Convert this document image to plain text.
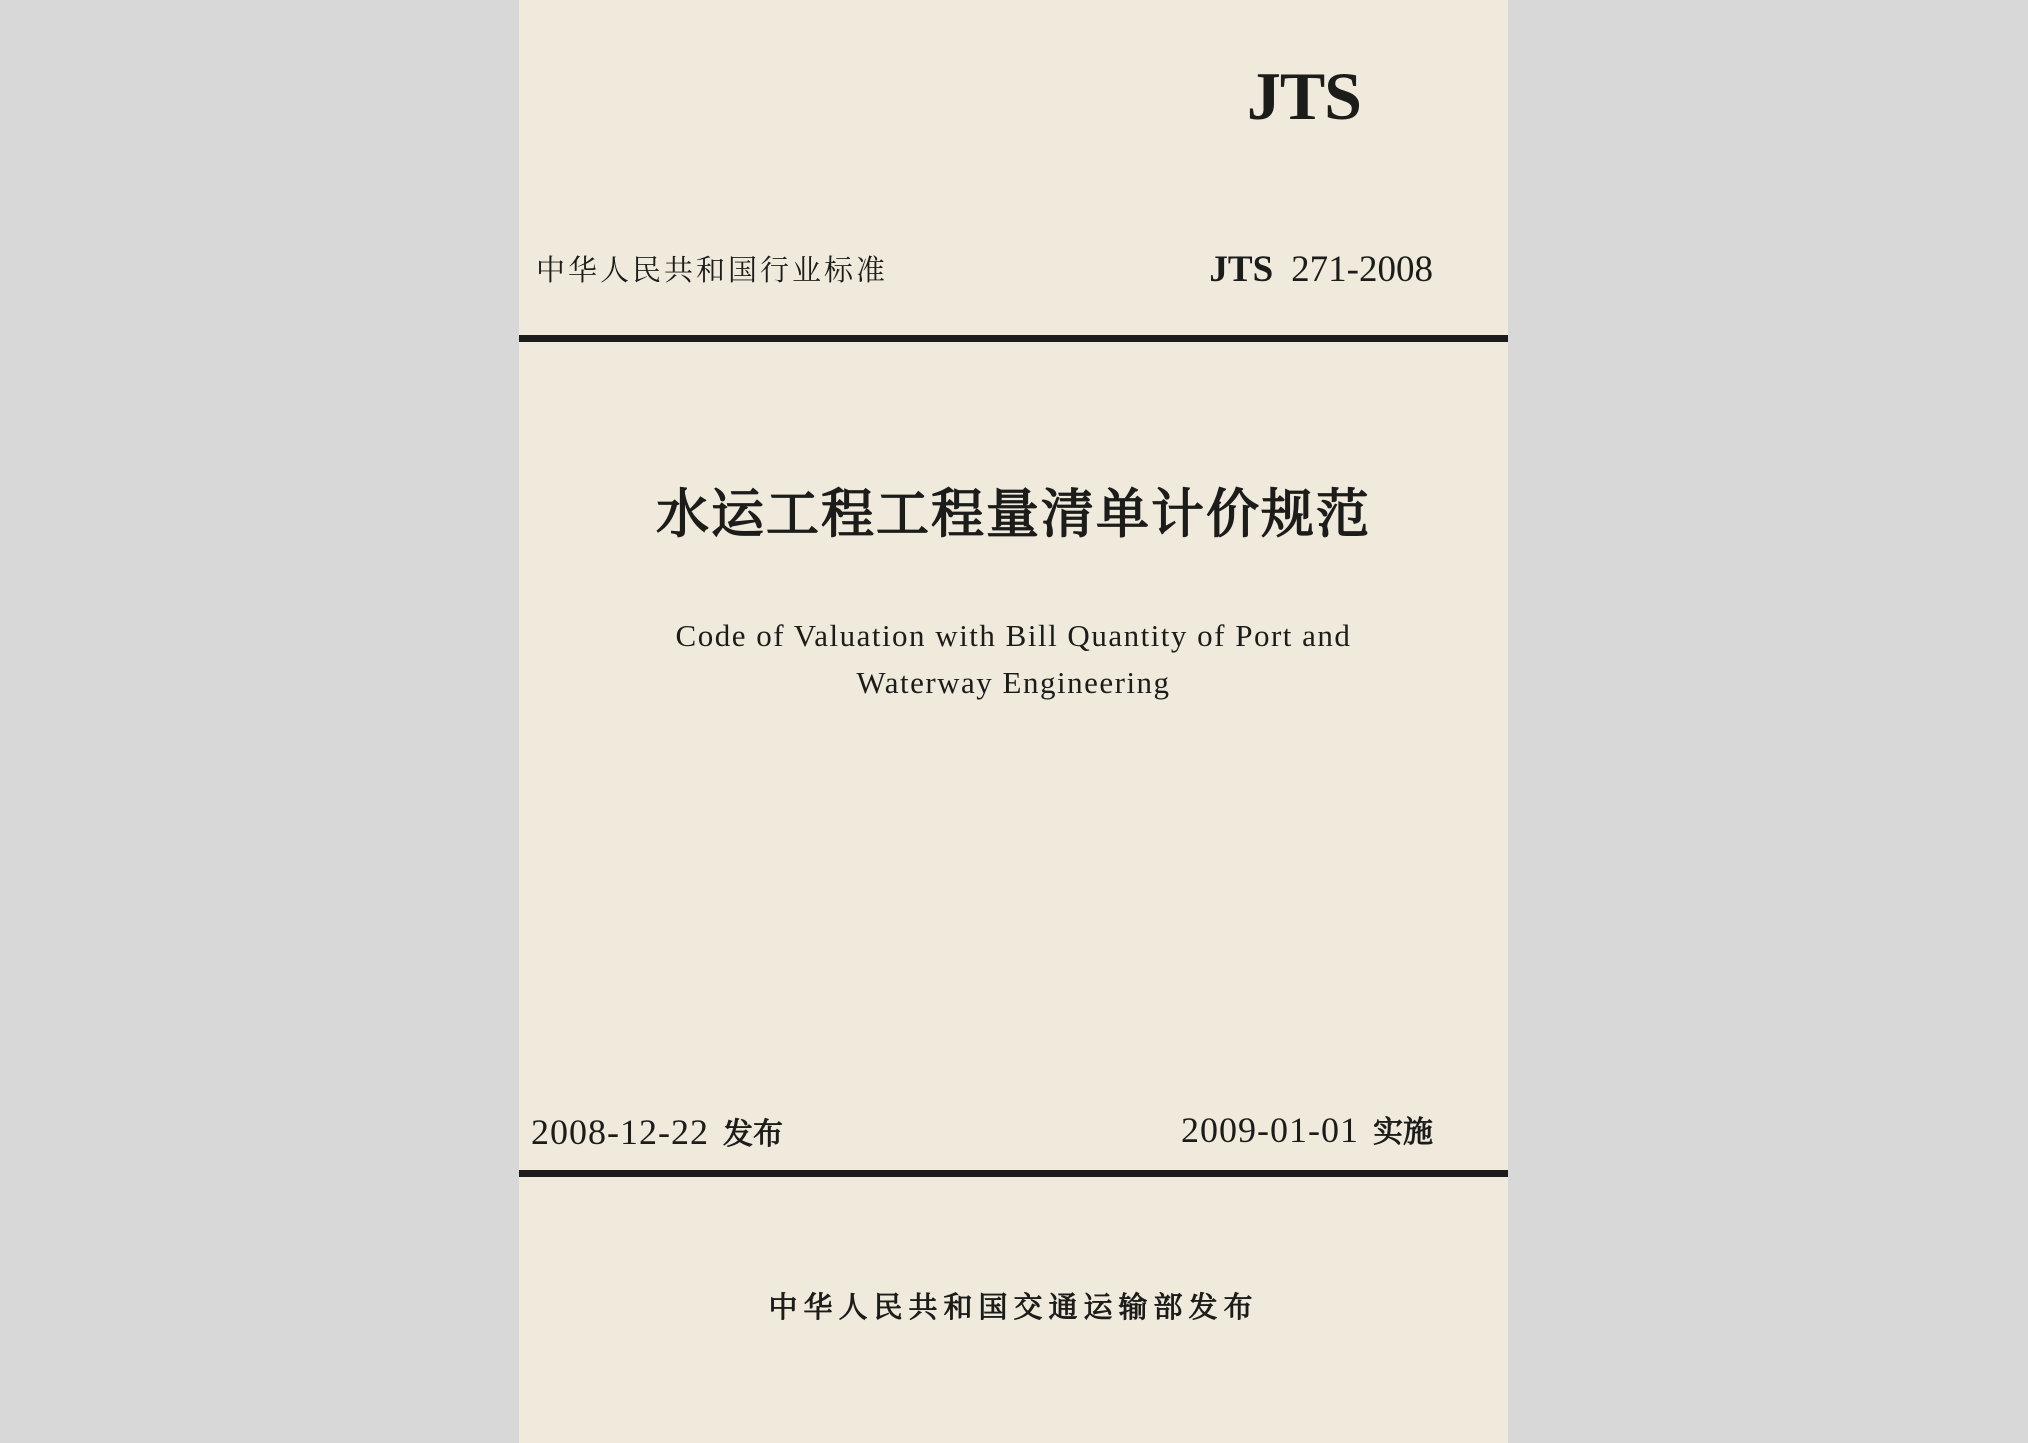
JTS
中华人民共和国行业标准	JTS 271-2008
水运工程工程量清单计价规范
Code of Valuation with Bill Quantity of Port and
Waterway Engineering
2008-12-22 发布	2009-01-01 实施
中华人民共和国交通运输部发布
